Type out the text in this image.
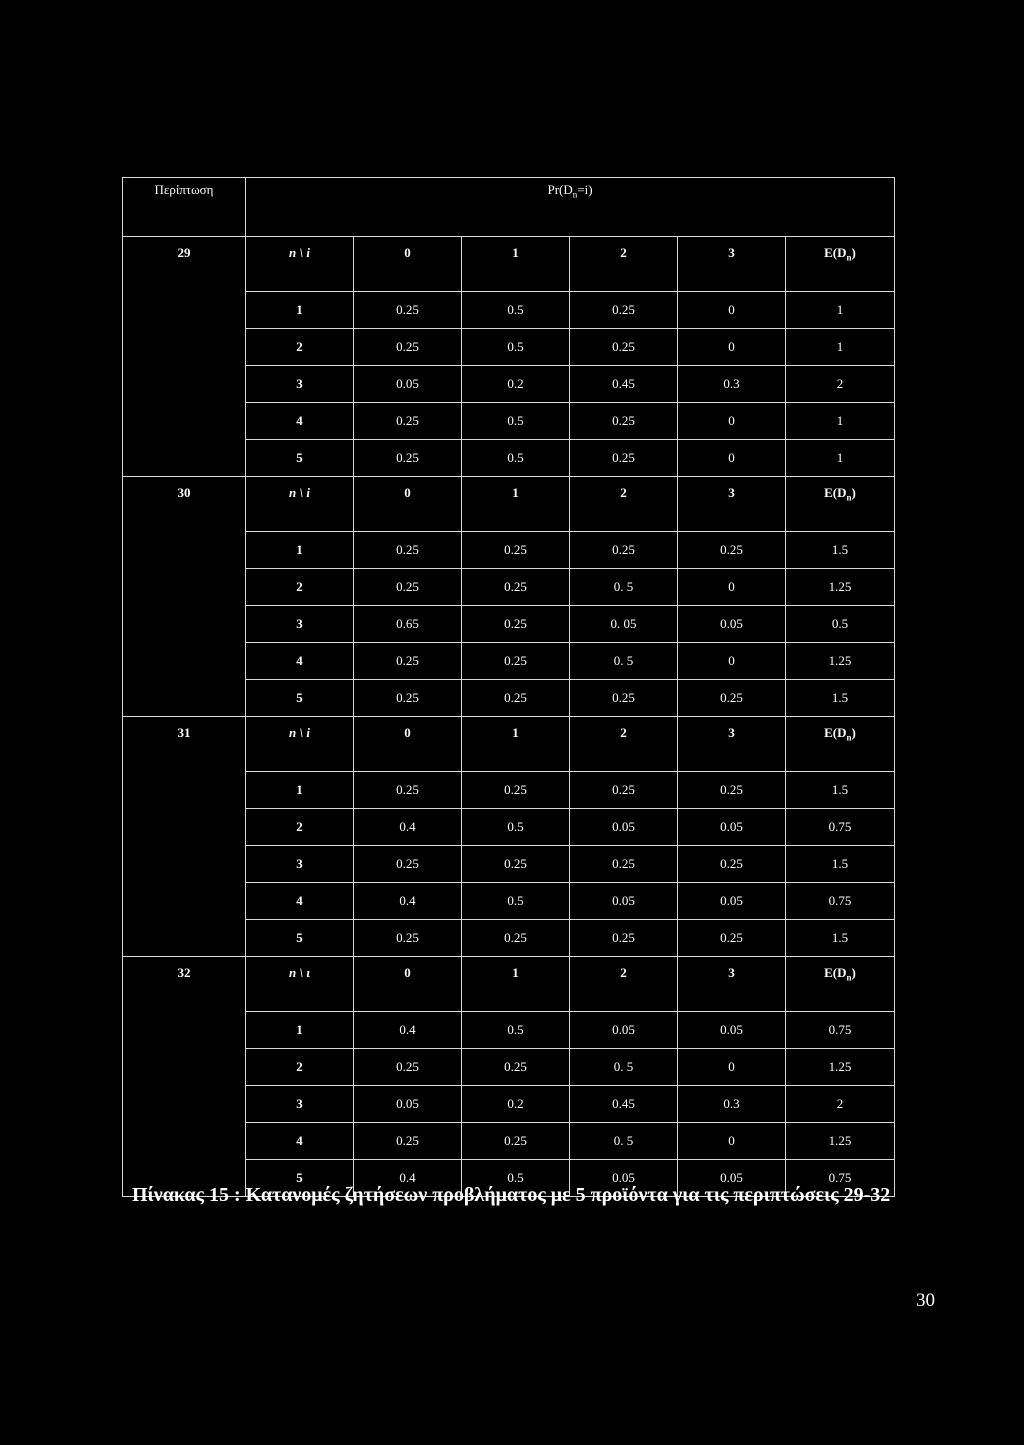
Περίπτωση	$Pr(D_n=i)$					
29	n \ i	0	1	2	3	$E(D_n)$
	1	0.25	0.5	0.25	0	1
	2	0.25	0.5	0.25	0	1
	3	0.05	0.2	0.45	0.3	2
	4	0.25	0.5	0.25	0	1
	5	0.25	0.5	0.25	0	1
30	n \ i	0	1	2	3	$E(D_n)$
	1	0.25	0.25	0.25	0.25	1.5
	2	0.25	0.25	0. 5	0	1.25
	3	0.65	0.25	0. 05	0.05	0.5
	4	0.25	0.25	0. 5	0	1.25
	5	0.25	0.25	0.25	0.25	1.5
31	n \ i	0	1	2	3	$E(D_n)$
	1	0.25	0.25	0.25	0.25	1.5
	2	0.4	0.5	0.05	0.05	0.75
	3	0.25	0.25	0.25	0.25	1.5
	4	0.4	0.5	0.05	0.05	0.75
	5	0.25	0.25	0.25	0.25	1.5
32	n \ ι	0	1	2	3	$E(D_n)$
	1	0.4	0.5	0.05	0.05	0.75
	2	0.25	0.25	0. 5	0	1.25
	3	0.05	0.2	0.45	0.3	2
	4	0.25	0.25	0. 5	0	1.25
	5	0.4	0.5	0.05	0.05	0.75
Πίνακας 15 : Κατανομές ζητήσεων προβλήματος με 5 προϊόντα για τις περιπτώσεις 29-32
30
